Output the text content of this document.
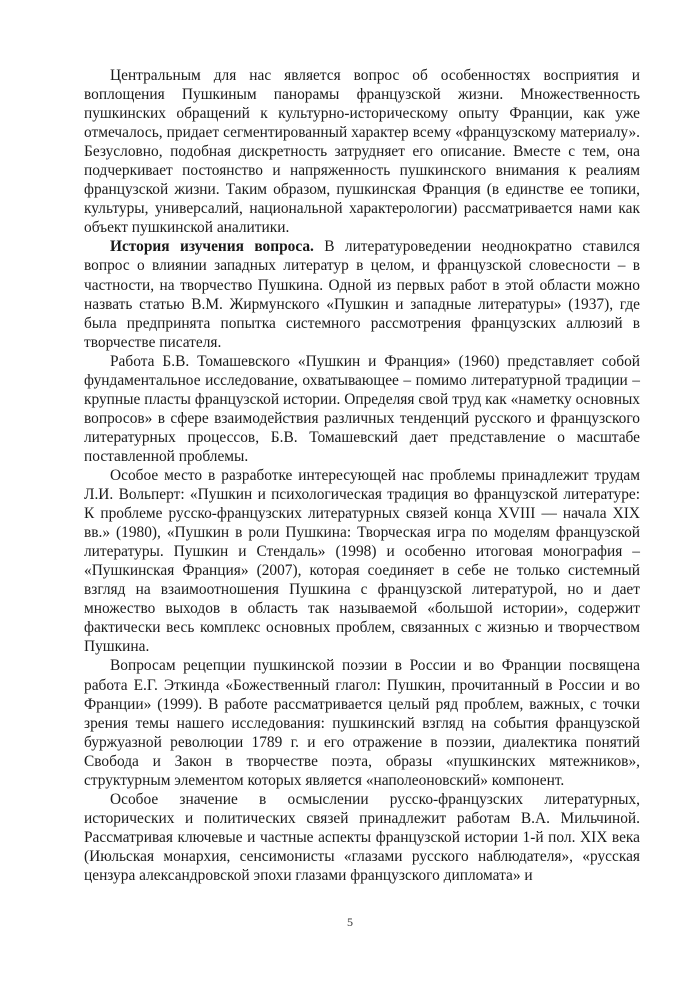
Центральным для нас является вопрос об особенностях восприятия и воплощения Пушкиным панорамы французской жизни. Множественность пушкинских обращений к культурно-историческому опыту Франции, как уже отмечалось, придает сегментированный характер всему «французскому материалу». Безусловно, подобная дискретность затрудняет его описание. Вместе с тем, она подчеркивает постоянство и напряженность пушкинского внимания к реалиям французской жизни. Таким образом, пушкинская Франция (в единстве ее топики, культуры, универсалий, национальной характерологии) рассматривается нами как объект пушкинской аналитики.

История изучения вопроса. В литературоведении неоднократно ставился вопрос о влиянии западных литератур в целом, и французской словесности – в частности, на творчество Пушкина. Одной из первых работ в этой области можно назвать статью В.М. Жирмунского «Пушкин и западные литературы» (1937), где была предпринята попытка системного рассмотрения французских аллюзий в творчестве писателя.

Работа Б.В. Томашевского «Пушкин и Франция» (1960) представляет собой фундаментальное исследование, охватывающее – помимо литературной традиции – крупные пласты французской истории. Определяя свой труд как «наметку основных вопросов» в сфере взаимодействия различных тенденций русского и французского литературных процессов, Б.В. Томашевский дает представление о масштабе поставленной проблемы.

Особое место в разработке интересующей нас проблемы принадлежит трудам Л.И. Вольперт: «Пушкин и психологическая традиция во французской литературе: К проблеме русско-французских литературных связей конца XVIII — начала XIX вв.» (1980), «Пушкин в роли Пушкина: Творческая игра по моделям французской литературы. Пушкин и Стендаль» (1998) и особенно итоговая монография – «Пушкинская Франция» (2007), которая соединяет в себе не только системный взгляд на взаимоотношения Пушкина с французской литературой, но и дает множество выходов в область так называемой «большой истории», содержит фактически весь комплекс основных проблем, связанных с жизнью и творчеством Пушкина.

Вопросам рецепции пушкинской поэзии в России и во Франции посвящена работа Е.Г. Эткинда «Божественный глагол: Пушкин, прочитанный в России и во Франции» (1999). В работе рассматривается целый ряд проблем, важных, с точки зрения темы нашего исследования: пушкинский взгляд на события французской буржуазной революции 1789 г. и его отражение в поэзии, диалектика понятий Свобода и Закон в творчестве поэта, образы «пушкинских мятежников», структурным элементом которых является «наполеоновский» компонент.

Особое значение в осмыслении русско-французских литературных, исторических и политических связей принадлежит работам В.А. Мильчиной. Рассматривая ключевые и частные аспекты французской истории 1-й пол. XIX века (Июльская монархия, сенсимонисты «глазами русского наблюдателя», «русская цензура александровской эпохи глазами французского дипломата» и

5
